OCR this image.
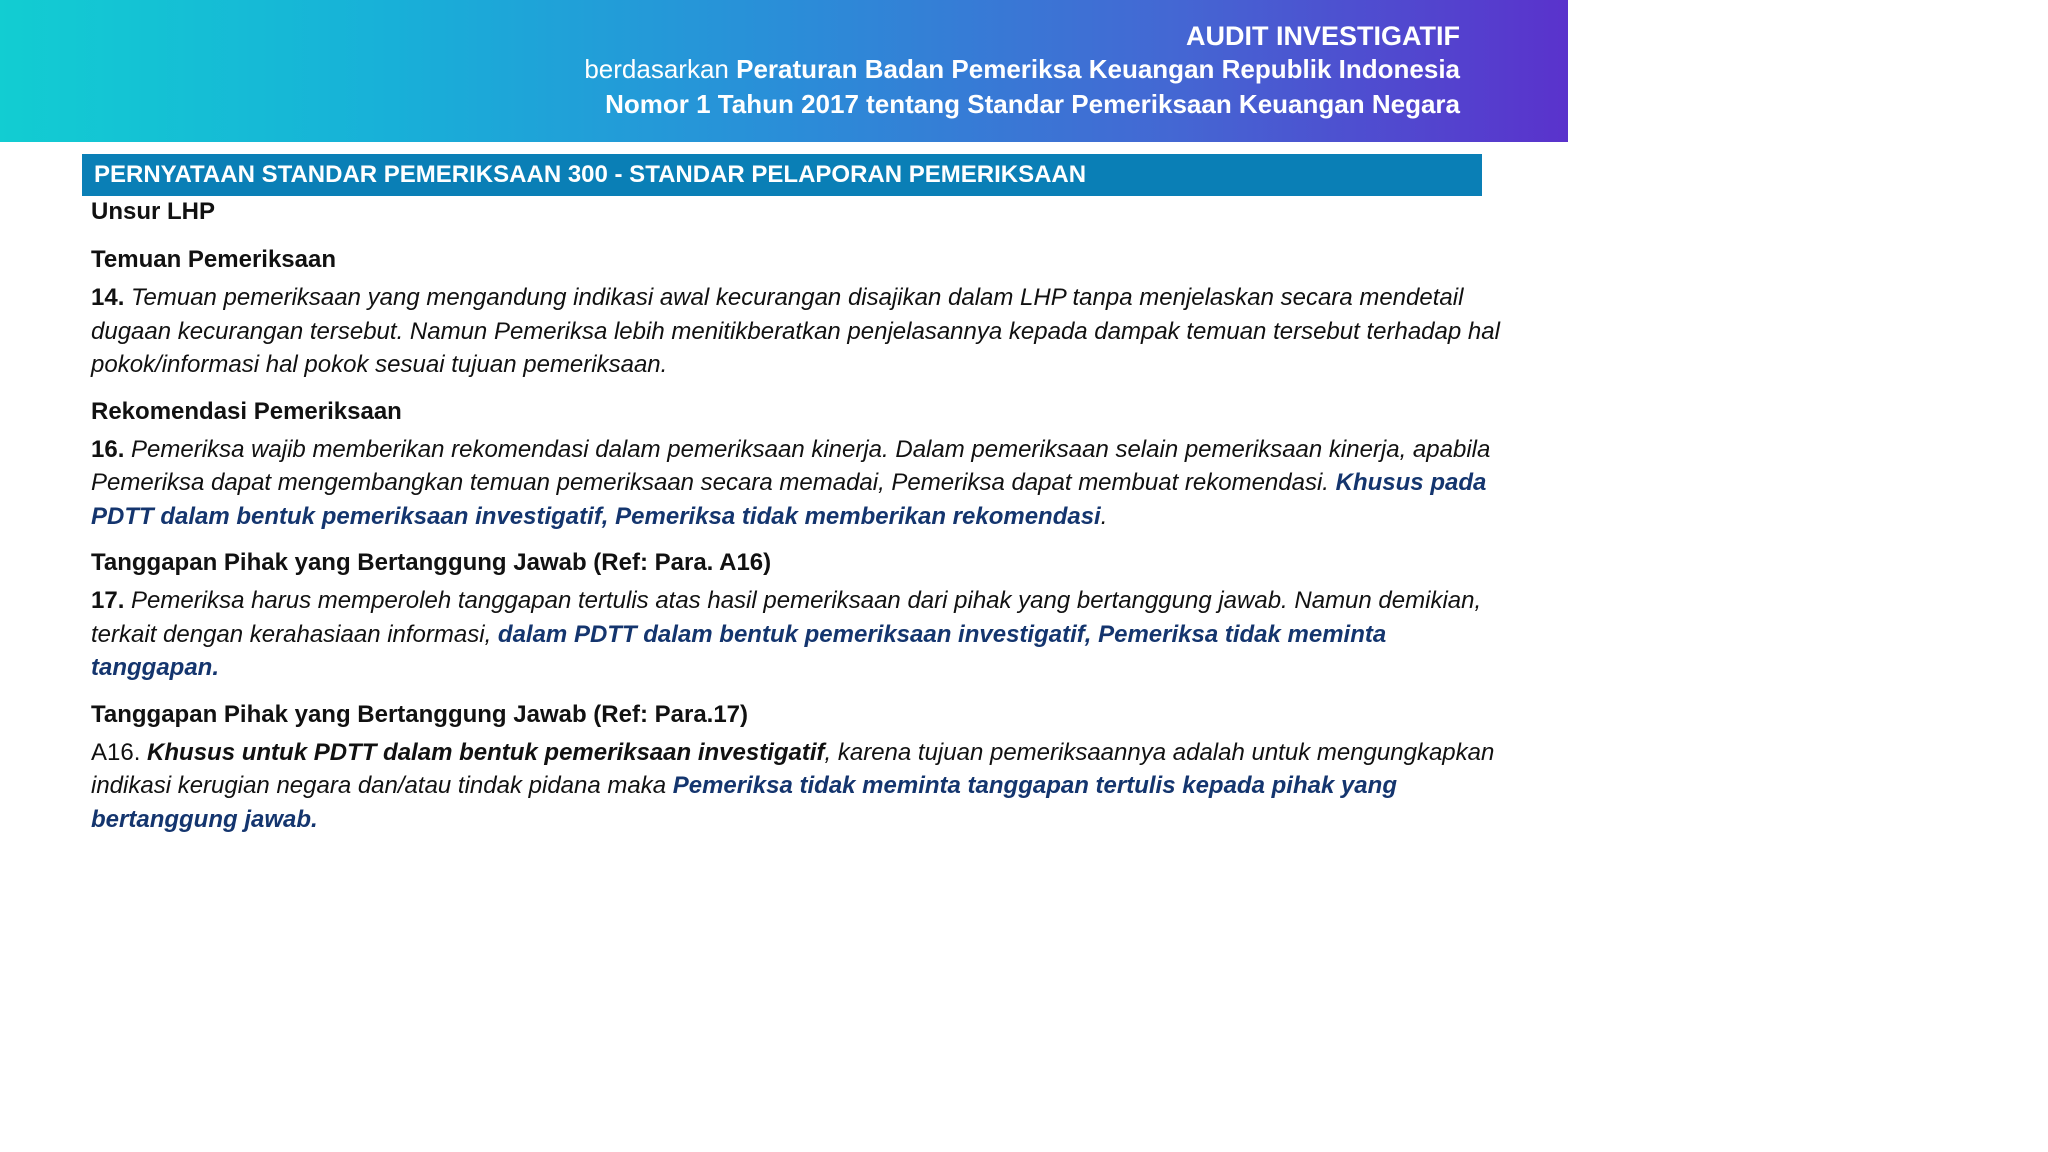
AUDIT INVESTIGATIF
berdasarkan Peraturan Badan Pemeriksa Keuangan Republik Indonesia
Nomor 1 Tahun 2017 tentang Standar Pemeriksaan Keuangan Negara
PERNYATAAN STANDAR PEMERIKSAAN 300 - STANDAR PELAPORAN PEMERIKSAAN
Unsur LHP
Temuan Pemeriksaan
14. Temuan pemeriksaan yang mengandung indikasi awal kecurangan disajikan dalam LHP tanpa menjelaskan secara mendetail dugaan kecurangan tersebut. Namun Pemeriksa lebih menitikberatkan penjelasannya kepada dampak temuan tersebut terhadap hal pokok/informasi hal pokok sesuai tujuan pemeriksaan.
Rekomendasi Pemeriksaan
16. Pemeriksa wajib memberikan rekomendasi dalam pemeriksaan kinerja. Dalam pemeriksaan selain pemeriksaan kinerja, apabila Pemeriksa dapat mengembangkan temuan pemeriksaan secara memadai, Pemeriksa dapat membuat rekomendasi. Khusus pada PDTT dalam bentuk pemeriksaan investigatif, Pemeriksa tidak memberikan rekomendasi.
Tanggapan Pihak yang Bertanggung Jawab (Ref: Para. A16)
17. Pemeriksa harus memperoleh tanggapan tertulis atas hasil pemeriksaan dari pihak yang bertanggung jawab. Namun demikian, terkait dengan kerahasiaan informasi, dalam PDTT dalam bentuk pemeriksaan investigatif, Pemeriksa tidak meminta tanggapan.
Tanggapan Pihak yang Bertanggung Jawab (Ref: Para.17)
A16. Khusus untuk PDTT dalam bentuk pemeriksaan investigatif, karena tujuan pemeriksaannya adalah untuk mengungkapkan indikasi kerugian negara dan/atau tindak pidana maka Pemeriksa tidak meminta tanggapan tertulis kepada pihak yang bertanggung jawab.
